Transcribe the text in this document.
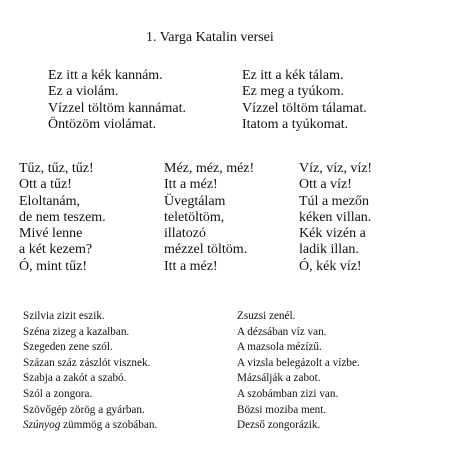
1. Varga Katalin versei
Ez itt a kék kannám.
Ez a violám.
Vízzel töltöm kannámat.
Öntözöm violámat.
Ez itt a kék tálam.
Ez meg a tyúkom.
Vízzel töltöm tálamat.
Itatom a tyúkomat.
Tűz, tűz, tűz!
Ott a tűz!
Eloltanám,
de nem teszem.
Mivé lenne
a két kezem?
Ó, mint tűz!
Méz, méz, méz!
Itt a méz!
Üvegtálam
teletöltöm,
illatozó
mézzel töltöm.
Itt a méz!
Víz, víz, víz!
Ott a víz!
Túl a mezőn
kéken villan.
Kék vizén a
ladik illan.
Ó, kék víz!
Szilvia zizit eszik.
Széna zizeg a kazalban.
Szegeden zene szól.
Százan száz zászlót visznek.
Szabja a zakót a szabó.
Szól a zongora.
Szövőgép zörög a gyárban.
Szúnyog zümmög a szobában.
Zsuzsi zenél.
A dézsában víz van.
A mazsola mézízű.
A vizsla belegázolt a vízbe.
Mázsálják a zabot.
A szobámban zizi van.
Bözsi moziba ment.
Dezső zongorázik.
